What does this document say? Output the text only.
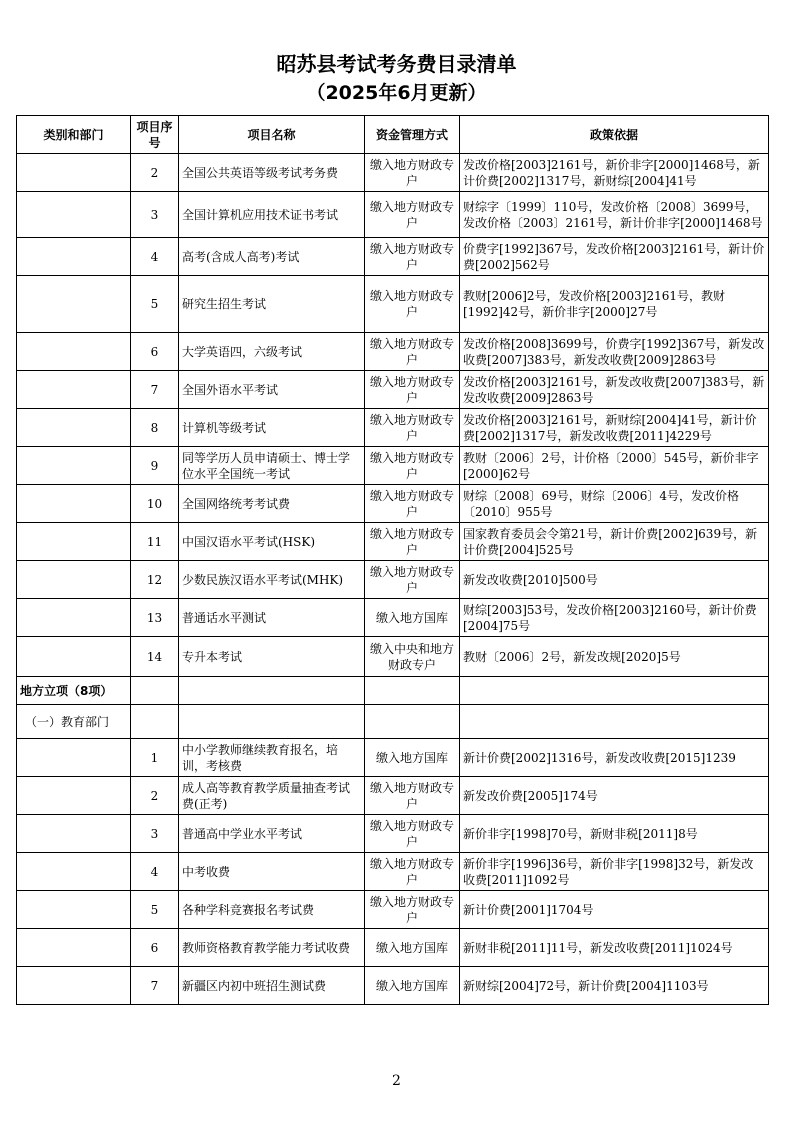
昭苏县考试考务费目录清单
（2025年6月更新）
类别和部门	项目序号	项目名称	资金管理方式	政策依据
	2	全国公共英语等级考试考务费	缴入地方财政专户	发改价格[2003]2161号，新价非字[2000]1468号，新计价费[2002]1317号，新财综[2004]41号
	3	全国计算机应用技术证书考试	缴入地方财政专户	财综字〔1999〕110号，发改价格〔2008〕3699号，发改价格〔2003〕2161号，新计价非字[2000]1468号
	4	高考(含成人高考)考试	缴入地方财政专户	价费字[1992]367号，发改价格[2003]2161号，新计价费[2002]562号
	5	研究生招生考试	缴入地方财政专户	教财[2006]2号，发改价格[2003]2161号，教财[1992]42号，新价非字[2000]27号
	6	大学英语四，六级考试	缴入地方财政专户	发改价格[2008]3699号，价费字[1992]367号，新发改收费[2007]383号，新发改收费[2009]2863号
	7	全国外语水平考试	缴入地方财政专户	发改价格[2003]2161号，新发改收费[2007]383号，新发改收费[2009]2863号
	8	计算机等级考试	缴入地方财政专户	发改价格[2003]2161号，新财综[2004]41号，新计价费[2002]1317号，新发改收费[2011]4229号
	9	同等学历人员申请硕士、博士学位水平全国统一考试	缴入地方财政专户	教财〔2006〕2号，计价格〔2000〕545号，新价非字[2000]62号
	10	全国网络统考考试费	缴入地方财政专户	财综〔2008〕69号，财综〔2006〕4号，发改价格〔2010〕955号
	11	中国汉语水平考试(HSK)	缴入地方财政专户	国家教育委员会令第21号，新计价费[2002]639号，新计价费[2004]525号
	12	少数民族汉语水平考试(MHK)	缴入地方财政专户	新发改收费[2010]500号
	13	普通话水平测试	缴入地方国库	财综[2003]53号，发改价格[2003]2160号，新计价费[2004]75号
	14	专升本考试	缴入中央和地方财政专户	教财〔2006〕2号，新发改规[2020]5号
地方立项（8项）				
（一）教育部门				
	1	中小学教师继续教育报名，培训，考核费	缴入地方国库	新计价费[2002]1316号，新发改收费[2015]1239
	2	成人高等教育教学质量抽查考试费(正考)	缴入地方财政专户	新发改价费[2005]174号
	3	普通高中学业水平考试	缴入地方财政专户	新价非字[1998]70号，新财非税[2011]8号
	4	中考收费	缴入地方财政专户	新价非字[1996]36号，新价非字[1998]32号，新发改收费[2011]1092号
	5	各种学科竞赛报名考试费	缴入地方财政专户	新计价费[2001]1704号
	6	教师资格教育教学能力考试收费	缴入地方国库	新财非税[2011]11号，新发改收费[2011]1024号
	7	新疆区内初中班招生测试费	缴入地方国库	新财综[2004]72号，新计价费[2004]1103号
2
